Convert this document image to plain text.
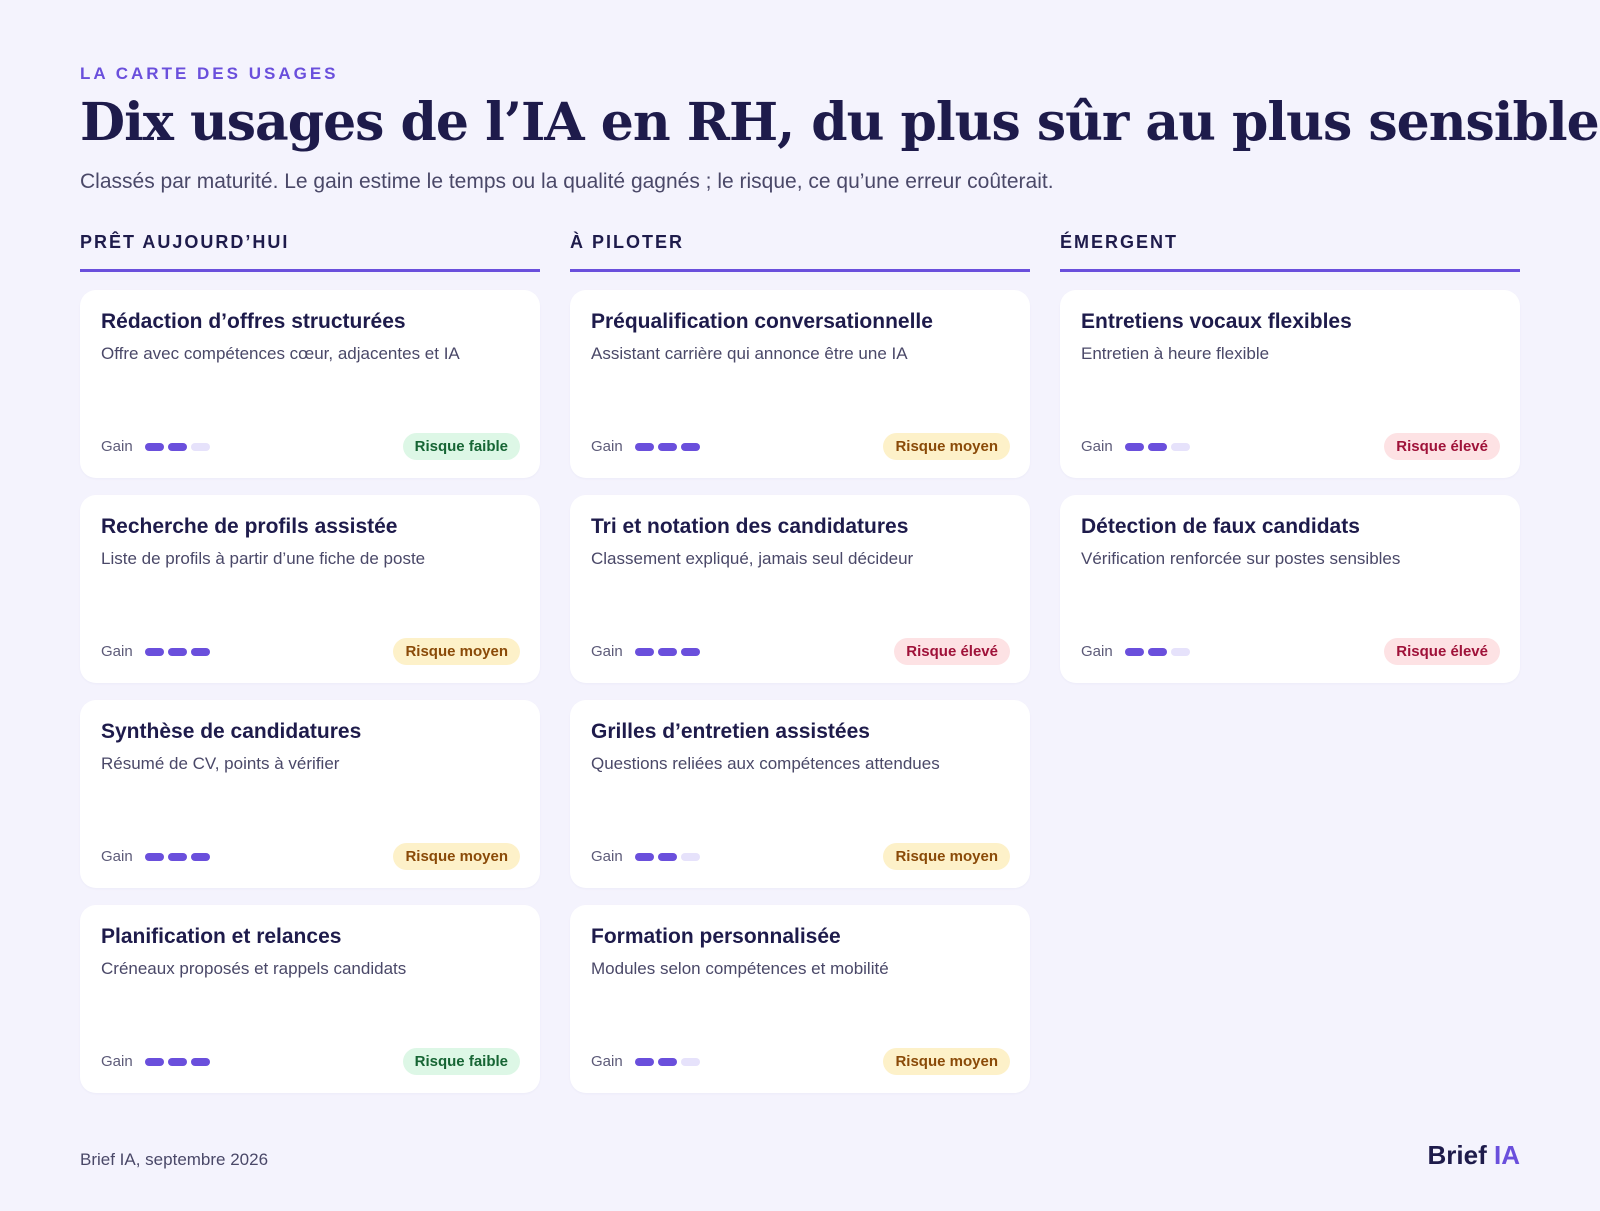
LA CARTE DES USAGES
Dix usages de l’IA en RH, du plus sûr au plus sensible

Classés par maturité. Le gain estime le temps ou la qualité gagnés ; le risque, ce qu’une erreur coûterait.

PRÊT AUJOURD’HUI
Rédaction d’offres structurées
Offre avec compétences cœur, adjacentes et IA
Gain	Risque faible
Recherche de profils assistée
Liste de profils à partir d’une fiche de poste
Gain	Risque moyen
Synthèse de candidatures
Résumé de CV, points à vérifier
Gain	Risque moyen
Planification et relances
Créneaux proposés et rappels candidats
Gain	Risque faible
À PILOTER
Préqualification conversationnelle
Assistant carrière qui annonce être une IA
Gain	Risque moyen
Tri et notation des candidatures
Classement expliqué, jamais seul décideur
Gain	Risque élevé
Grilles d’entretien assistées
Questions reliées aux compétences attendues
Gain	Risque moyen
Formation personnalisée
Modules selon compétences et mobilité
Gain	Risque moyen
ÉMERGENT
Entretiens vocaux flexibles
Entretien à heure flexible
Gain	Risque élevé
Détection de faux candidats
Vérification renforcée sur postes sensibles
Gain	Risque élevé
Brief IA, septembre 2026	Brief IA
